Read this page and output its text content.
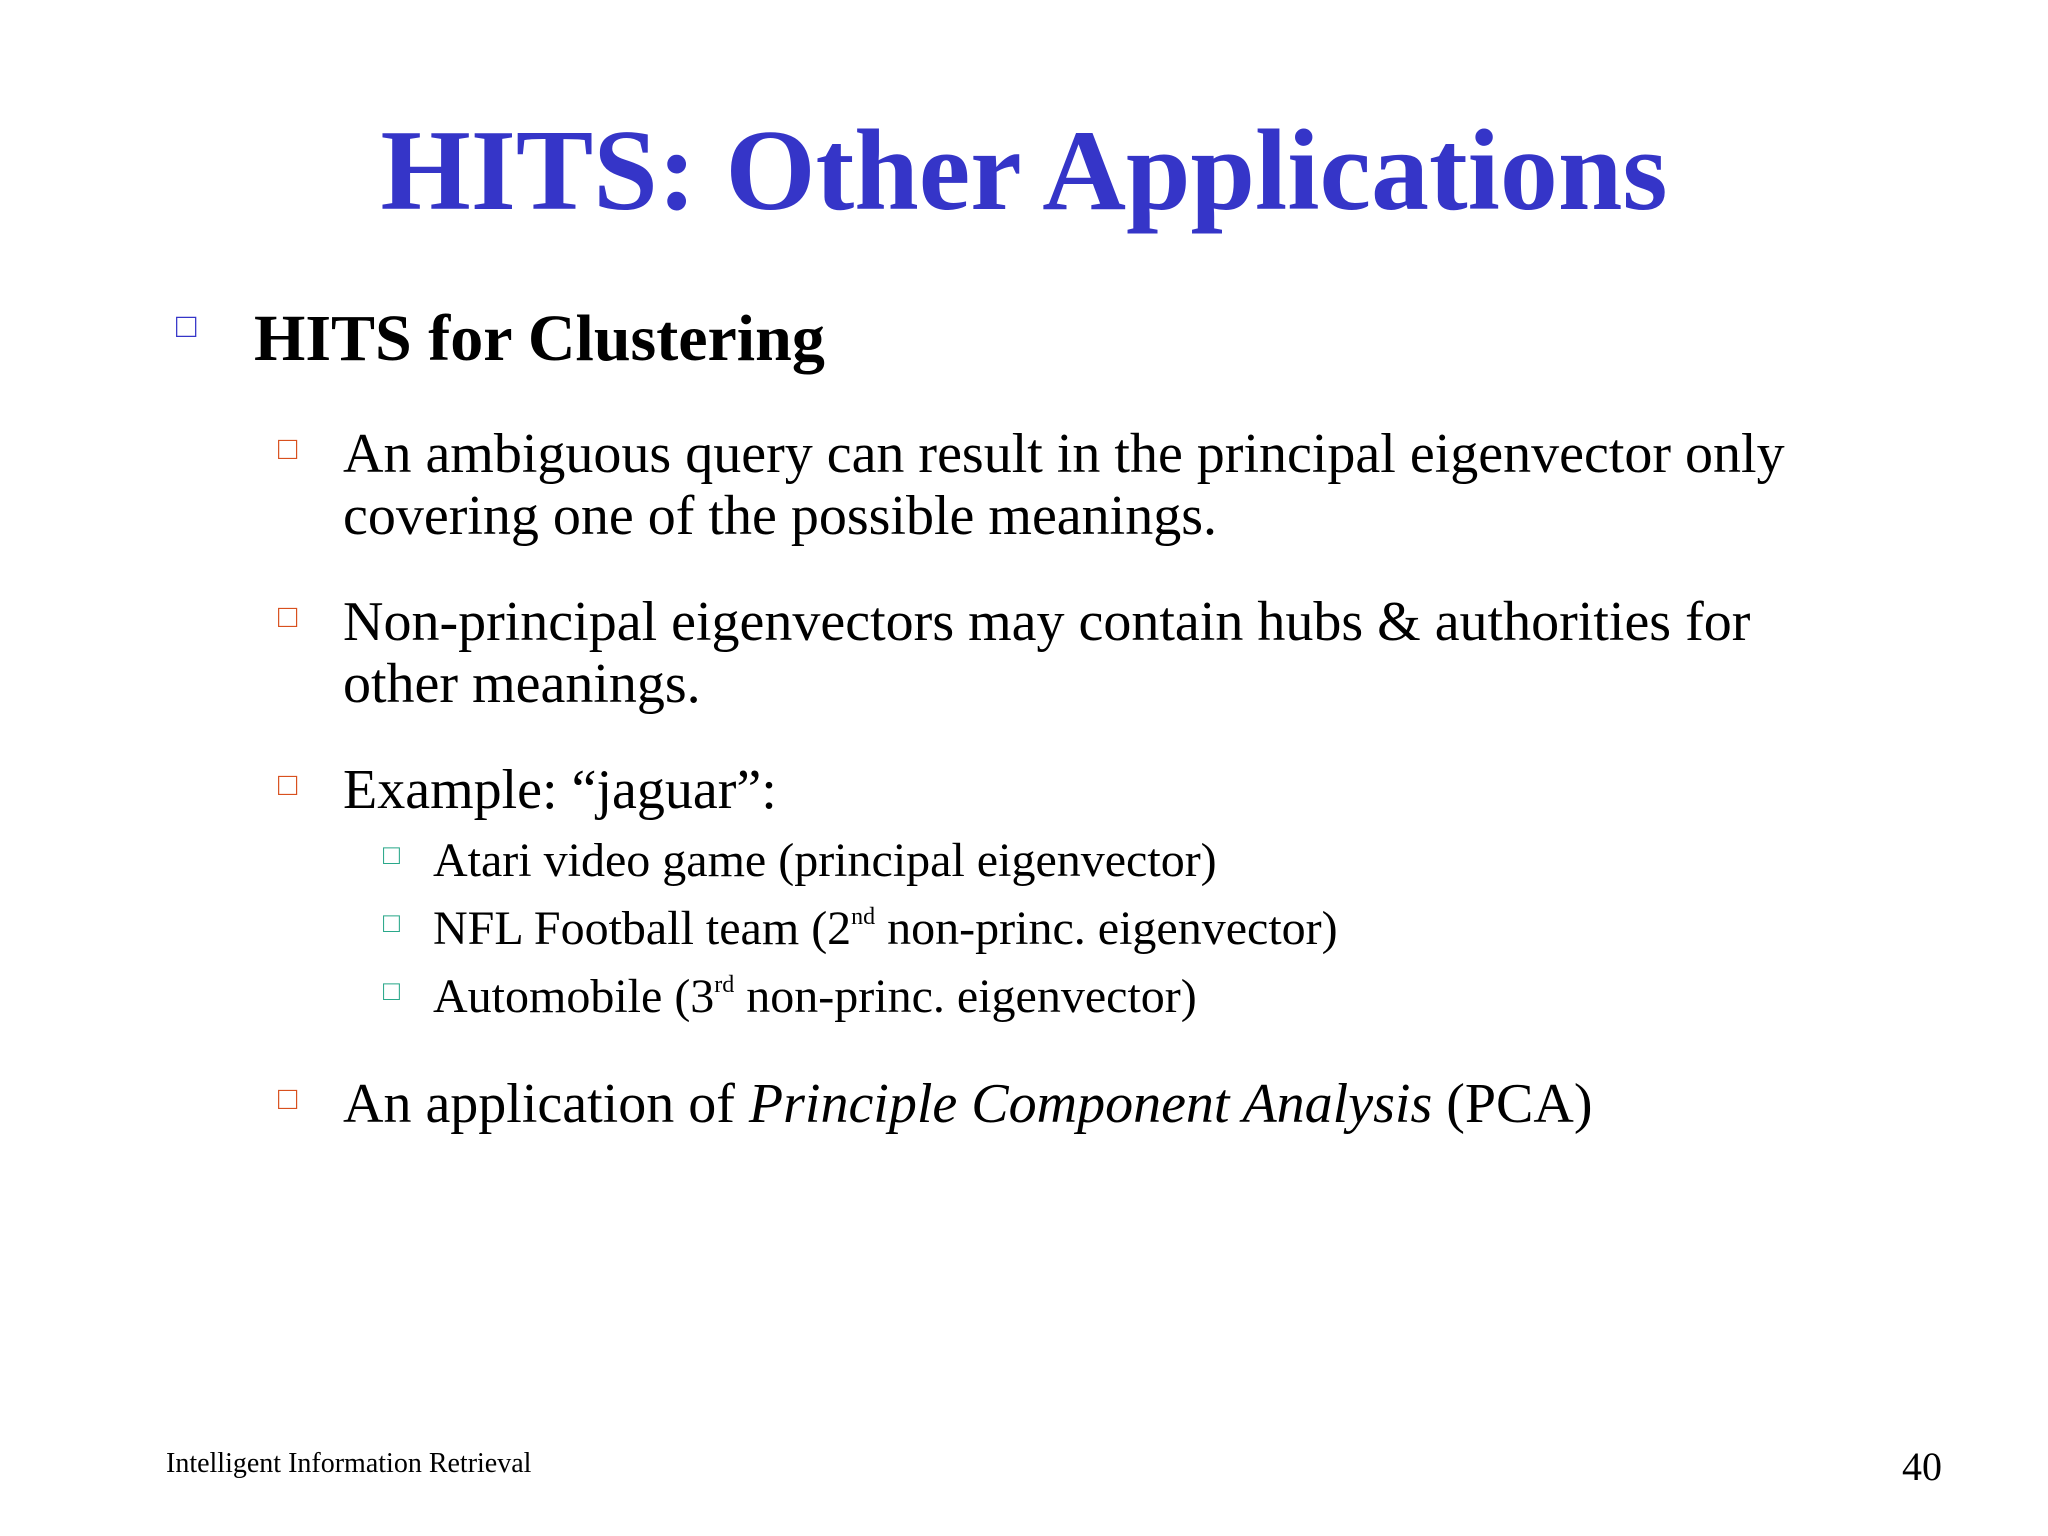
HITS: Other Applications
□ HITS for Clustering
□ An ambiguous query can result in the principal eigenvector only
covering one of the possible meanings.
□ Non-principal eigenvectors may contain hubs & authorities for
other meanings.
□ Example: “jaguar”:
□ Atari video game (principal eigenvector)
□ NFL Football team (2nd non-princ. eigenvector)
□ Automobile (3rd non-princ. eigenvector)
□ An application of Principle Component Analysis (PCA)
Intelligent Information Retrieval	40
